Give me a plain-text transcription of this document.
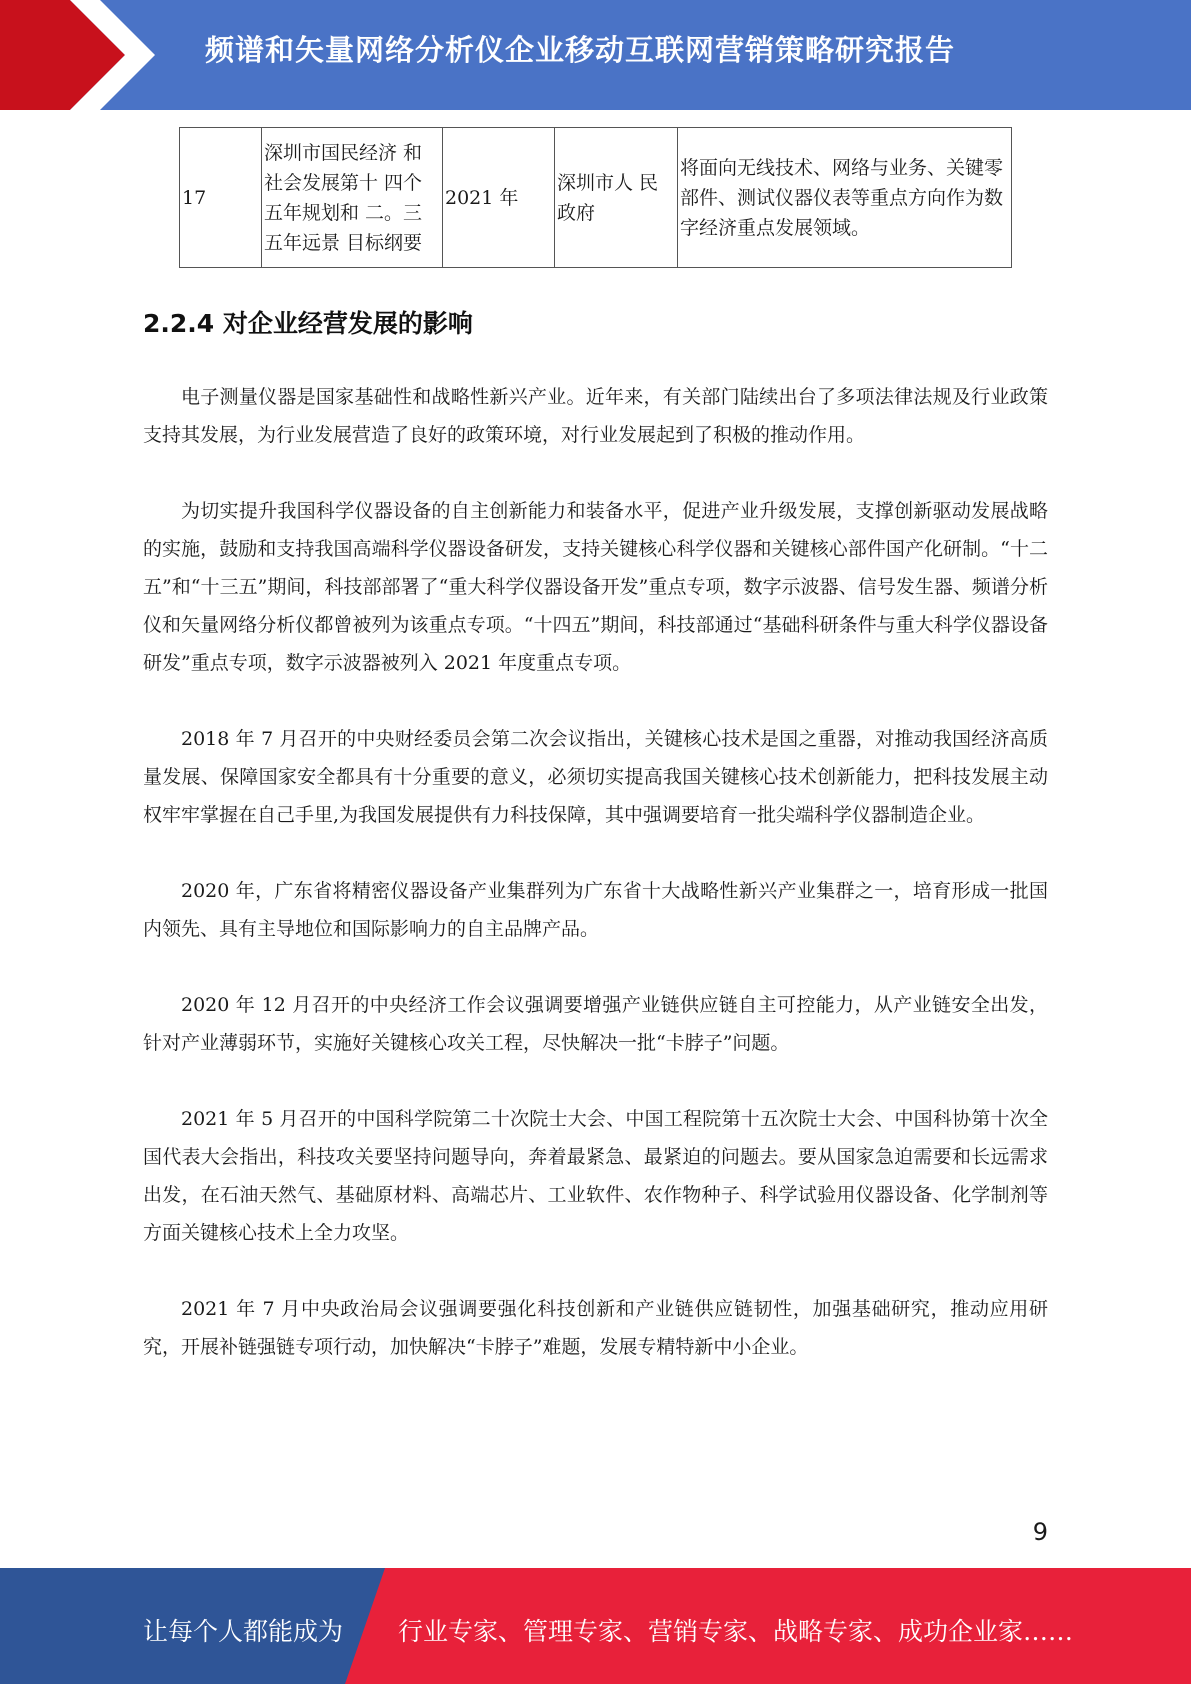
频谱和矢量网络分析仪企业移动互联网营销策略研究报告
17	深圳市国民经济 和社会发展第十 四个五年规划和 二。三五年远景 目标纲要	2021 年	深圳市人 民政府	将面向无线技术、网络与业务、关键零部件、测试仪器仪表等重点方向作为数字经济重点发展领域。
2.2.4 对企业经营发展的影响

电子测量仪器是国家基础性和战略性新兴产业。近年来，有关部门陆续出台了多项法律法规及行业政策支持其发展，为行业发展营造了良好的政策环境，对行业发展起到了积极的推动作用。

为切实提升我国科学仪器设备的自主创新能力和装备水平，促进产业升级发展，支撑创新驱动发展战略的实施，鼓励和支持我国高端科学仪器设备研发，支持关键核心科学仪器和关键核心部件国产化研制。“十二五”和“十三五”期间，科技部部署了“重大科学仪器设备开发”重点专项，数字示波器、信号发生器、频谱分析仪和矢量网络分析仪都曾被列为该重点专项。“十四五”期间，科技部通过“基础科研条件与重大科学仪器设备研发”重点专项，数字示波器被列入 2021 年度重点专项。

2018 年 7 月召开的中央财经委员会第二次会议指出，关键核心技术是国之重器，对推动我国经济高质量发展、保障国家安全都具有十分重要的意义，必须切实提高我国关键核心技术创新能力，把科技发展主动权牢牢掌握在自己手里,为我国发展提供有力科技保障，其中强调要培育一批尖端科学仪器制造企业。

2020 年，广东省将精密仪器设备产业集群列为广东省十大战略性新兴产业集群之一，培育形成一批国内领先、具有主导地位和国际影响力的自主品牌产品。

2020 年 12 月召开的中央经济工作会议强调要增强产业链供应链自主可控能力，从产业链安全出发，针对产业薄弱环节，实施好关键核心攻关工程，尽快解决一批“卡脖子”问题。

2021 年 5 月召开的中国科学院第二十次院士大会、中国工程院第十五次院士大会、中国科协第十次全国代表大会指出，科技攻关要坚持问题导向，奔着最紧急、最紧迫的问题去。要从国家急迫需要和长远需求出发，在石油天然气、基础原材料、高端芯片、工业软件、农作物种子、科学试验用仪器设备、化学制剂等方面关键核心技术上全力攻坚。

2021 年 7 月中央政治局会议强调要强化科技创新和产业链供应链韧性，加强基础研究，推动应用研究，开展补链强链专项行动，加快解决“卡脖子”难题，发展专精特新中小企业。

9
让每个人都能成为 行业专家、管理专家、营销专家、战略专家、成功企业家……
